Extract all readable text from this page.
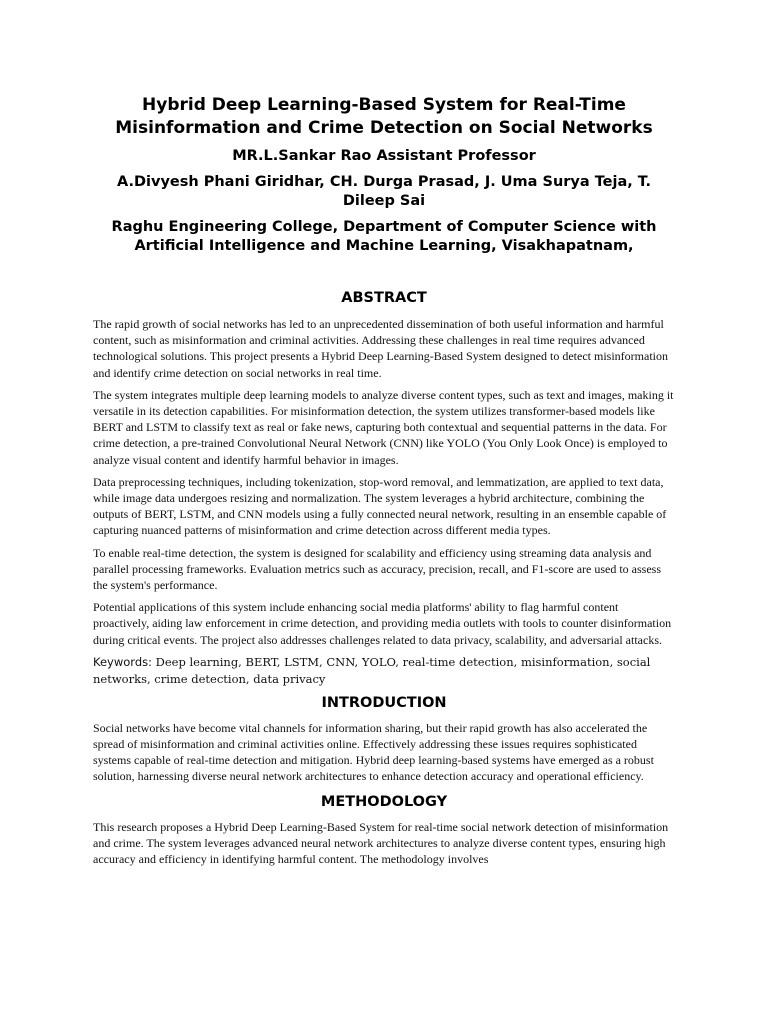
Hybrid Deep Learning-Based System for Real-Time Misinformation and Crime Detection on Social Networks

MR.L.Sankar Rao Assistant Professor

A.Divyesh Phani Giridhar, CH. Durga Prasad, J. Uma Surya Teja, T. Dileep Sai

Raghu Engineering College, Department of Computer Science with Artificial Intelligence and Machine Learning, Visakhapatnam,

ABSTRACT

The rapid growth of social networks has led to an unprecedented dissemination of both useful information and harmful content, such as misinformation and criminal activities. Addressing these challenges in real time requires advanced technological solutions. This project presents a Hybrid Deep Learning-Based System designed to detect misinformation and identify crime detection on social networks in real time.

The system integrates multiple deep learning models to analyze diverse content types, such as text and images, making it versatile in its detection capabilities. For misinformation detection, the system utilizes transformer-based models like BERT and LSTM to classify text as real or fake news, capturing both contextual and sequential patterns in the data. For crime detection, a pre-trained Convolutional Neural Network (CNN) like YOLO (You Only Look Once) is employed to analyze visual content and identify harmful behavior in images.

Data preprocessing techniques, including tokenization, stop-word removal, and lemmatization, are applied to text data, while image data undergoes resizing and normalization. The system leverages a hybrid architecture, combining the outputs of BERT, LSTM, and CNN models using a fully connected neural network, resulting in an ensemble capable of capturing nuanced patterns of misinformation and crime detection across different media types.

To enable real-time detection, the system is designed for scalability and efficiency using streaming data analysis and parallel processing frameworks. Evaluation metrics such as accuracy, precision, recall, and F1-score are used to assess the system's performance.

Potential applications of this system include enhancing social media platforms' ability to flag harmful content proactively, aiding law enforcement in crime detection, and providing media outlets with tools to counter disinformation during critical events. The project also addresses challenges related to data privacy, scalability, and adversarial attacks.

Keywords: Deep learning, BERT, LSTM, CNN, YOLO, real-time detection, misinformation, social networks, crime detection, data privacy

INTRODUCTION

Social networks have become vital channels for information sharing, but their rapid growth has also accelerated the spread of misinformation and criminal activities online. Effectively addressing these issues requires sophisticated systems capable of real-time detection and mitigation. Hybrid deep learning-based systems have emerged as a robust solution, harnessing diverse neural network architectures to enhance detection accuracy and operational efficiency.

METHODOLOGY

This research proposes a Hybrid Deep Learning-Based System for real-time social network detection of misinformation and crime. The system leverages advanced neural network architectures to analyze diverse content types, ensuring high accuracy and efficiency in identifying harmful content. The methodology involves
